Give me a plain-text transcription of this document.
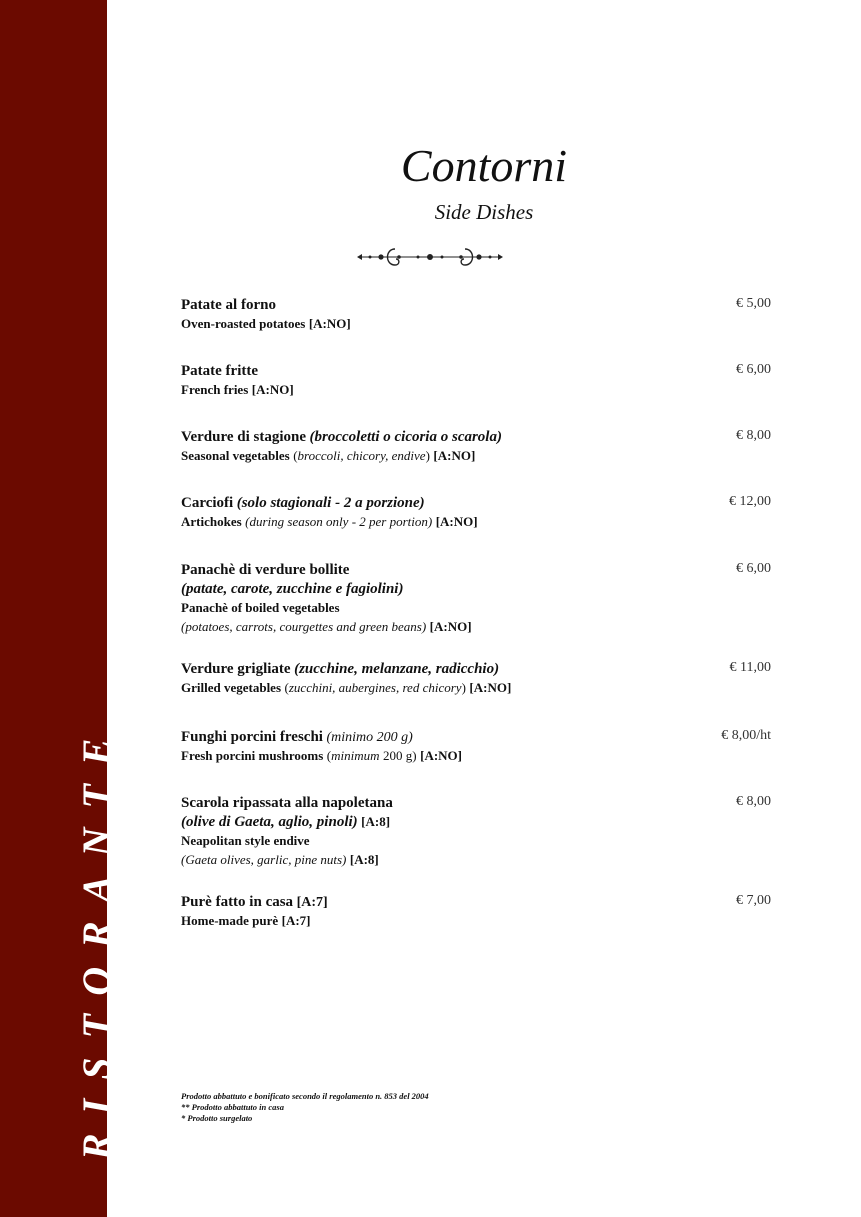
RISTORANTE
Contorni
Side Dishes
Patate al forno
Oven-roasted potatoes [A:NO]
€ 5,00
Patate fritte
French fries [A:NO]
€ 6,00
Verdure di stagione (broccoletti o cicoria o scarola)
Seasonal vegetables (broccoli, chicory, endive) [A:NO]
€ 8,00
Carciofi (solo stagionali - 2 a porzione)
Artichokes (during season only - 2 per portion) [A:NO]
€ 12,00
Panachè di verdure bollite
(patate, carote, zucchine e fagiolini)
Panachè of boiled vegetables
(potatoes, carrots, courgettes and green beans) [A:NO]
€ 6,00
Verdure grigliate (zucchine, melanzane, radicchio)
Grilled vegetables (zucchini, aubergines, red chicory) [A:NO]
€ 11,00
Funghi porcini freschi (minimo 200 g)
Fresh porcini mushrooms (minimum 200 g) [A:NO]
€ 8,00/ht
Scarola ripassata alla napoletana
(olive di Gaeta, aglio, pinoli) [A:8]
Neapolitan style endive
(Gaeta olives, garlic, pine nuts) [A:8]
€ 8,00
Purè fatto in casa [A:7]
Home-made purè [A:7]
€ 7,00
Prodotto abbattuto e bonificato secondo il regolamento n. 853 del 2004
** Prodotto abbattuto in casa
* Prodotto surgelato
